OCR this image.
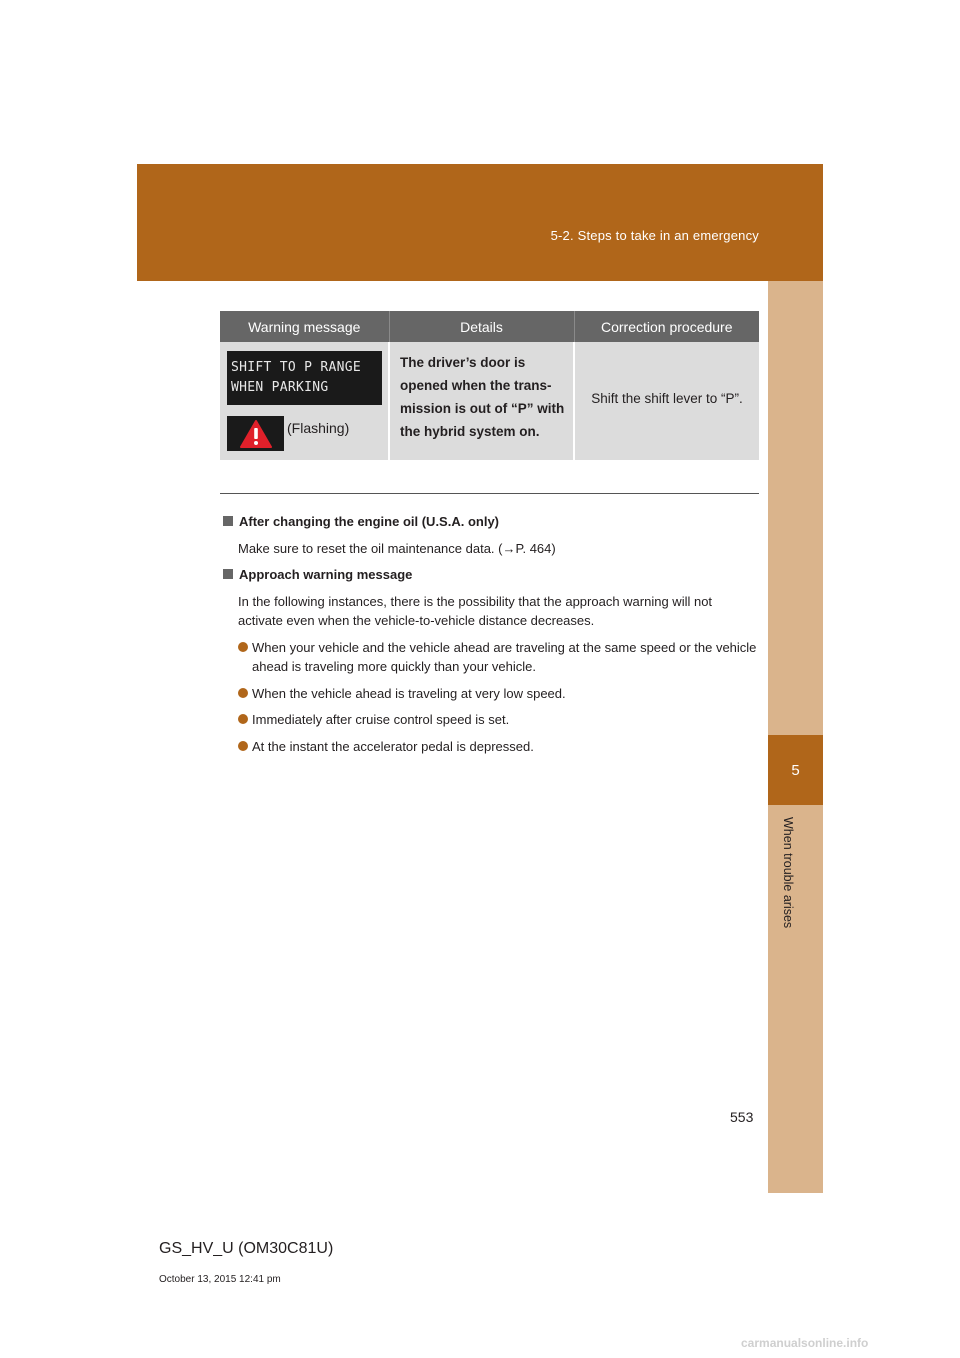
5-2. Steps to take in an emergency
5
When trouble arises
Warning message	Details	Correction procedure

SHIFT TO P RANGE
WHEN PARKING
(Flashing)	The driver’s door is opened when the trans-mission is out of “P” with the hybrid system on.	Shift the shift lever to “P”.
After changing the engine oil (U.S.A. only)
Make sure to reset the oil maintenance data. (→P. 464)
Approach warning message
In the following instances, there is the possibility that the approach warning will not activate even when the vehicle-to-vehicle distance decreases.
When your vehicle and the vehicle ahead are traveling at the same speed or the vehicle ahead is traveling more quickly than your vehicle.
When the vehicle ahead is traveling at very low speed.
Immediately after cruise control speed is set.
At the instant the accelerator pedal is depressed.
553
GS_HV_U (OM30C81U)
October 13, 2015 12:41 pm
carmanualsonline.info
